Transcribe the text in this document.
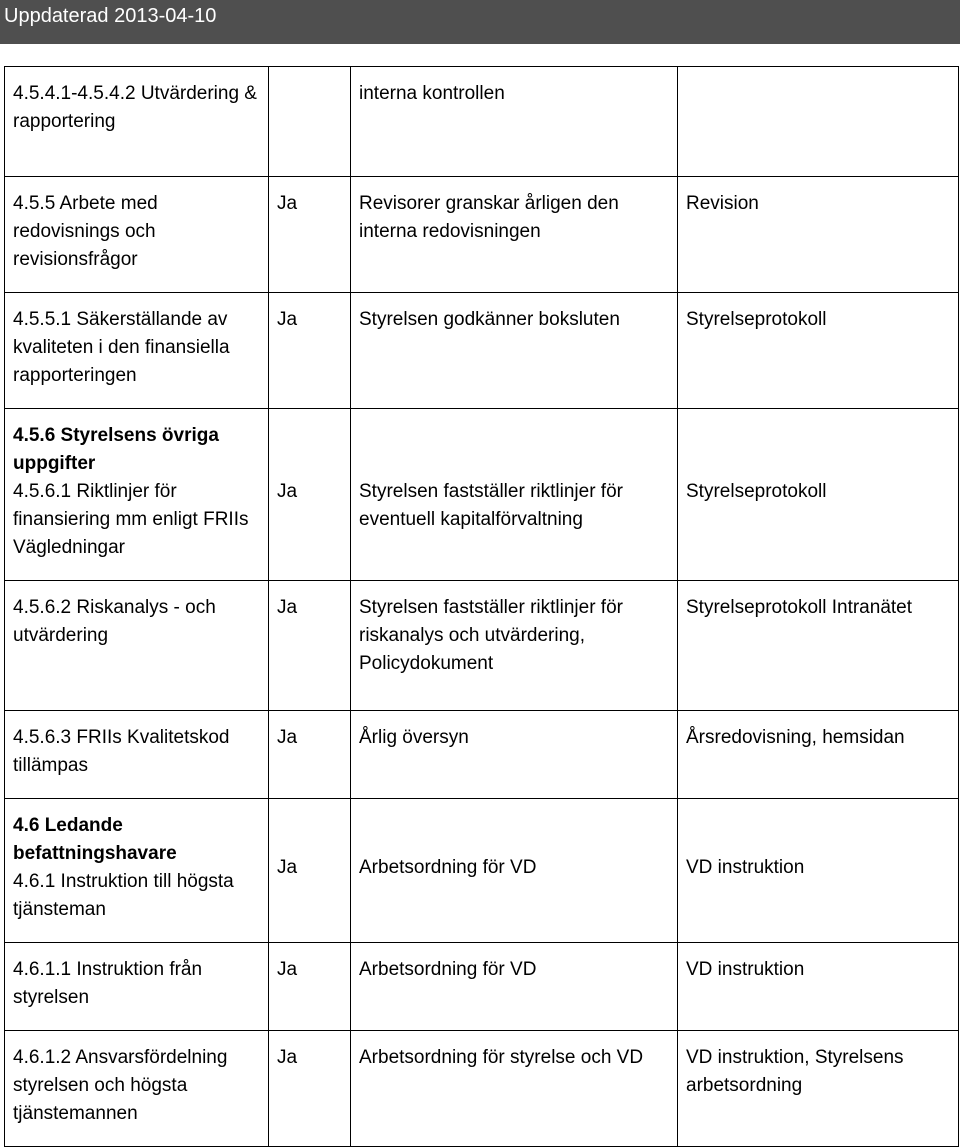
Uppdaterad 2013-04-10
4.5.4.1-4.5.4.2 Utvärdering & rapportering		interna kontrollen	

4.5.5 Arbete med redovisnings och revisionsfrågor	Ja	Revisorer granskar årligen den interna redovisningen	Revision

4.5.5.1 Säkerställande av kvaliteten i den finansiella rapporteringen	Ja	Styrelsen godkänner boksluten	Styrelseprotokoll

4.5.6 Styrelsens övriga uppgifter
4.5.6.1 Riktlinjer för finansiering mm enligt FRIIs Vägledningar	Ja	Styrelsen fastställer riktlinjer för eventuell kapitalförvaltning	Styrelseprotokoll

4.5.6.2 Riskanalys - och utvärdering	Ja	Styrelsen fastställer riktlinjer för riskanalys och utvärdering, Policydokument	Styrelseprotokoll Intranätet

4.5.6.3 FRIIs Kvalitetskod tillämpas	Ja	Årlig översyn	Årsredovisning, hemsidan

4.6 Ledande befattningshavare
4.6.1 Instruktion till högsta tjänsteman	Ja	Arbetsordning för VD	VD instruktion

4.6.1.1 Instruktion från styrelsen	Ja	Arbetsordning för VD	VD instruktion

4.6.1.2 Ansvarsfördelning styrelsen och högsta tjänstemannen	Ja	Arbetsordning för styrelse och VD	VD instruktion, Styrelsens arbetsordning
